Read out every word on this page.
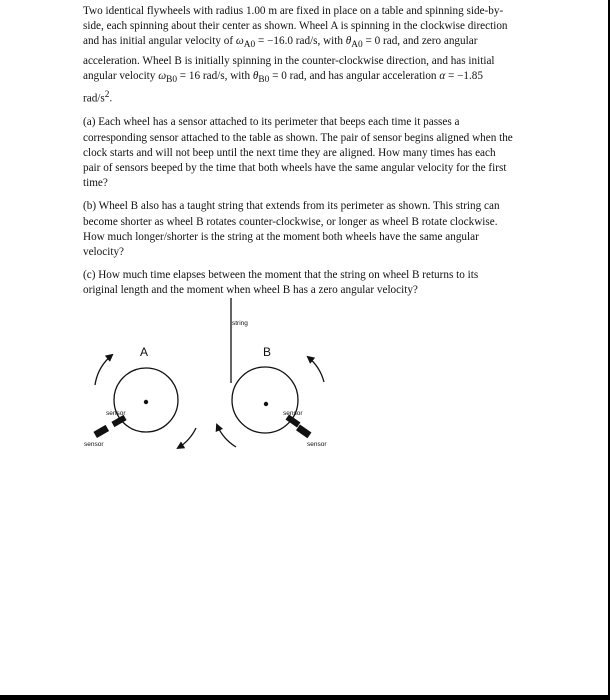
Two identical flywheels with radius 1.00 m are fixed in place on a table and spinning side-by-side, each spinning about their center as shown. Wheel A is spinning in the clockwise direction and has initial angular velocity of $\omega_{A0} = -16.0$ rad/s, with $\theta_{A0} = 0$ rad, and zero angular acceleration. Wheel B is initially spinning in the counter-clockwise direction, and has initial angular velocity $\omega_{B0} = 16$ rad/s, with $\theta_{B0} = 0$ rad, and has angular acceleration α = −1.85 rad/$s^2$.

(a) Each wheel has a sensor attached to its perimeter that beeps each time it passes a corresponding sensor attached to the table as shown. The pair of sensor begins aligned when the clock starts and will not beep until the next time they are aligned. How many times has each pair of sensors beeped by the time that both wheels have the same angular velocity for the first time?

(b) Wheel B also has a taught string that extends from its perimeter as shown. This string can become shorter as wheel B rotates counter-clockwise, or longer as wheel B rotate clockwise. How much longer/shorter is the string at the moment both wheels have the same angular velocity?

(c) How much time elapses between the moment that the string on wheel B returns to its original length and the moment when wheel B has a zero angular velocity?

A
sensor
sensor
string
B
sensor
sensor
